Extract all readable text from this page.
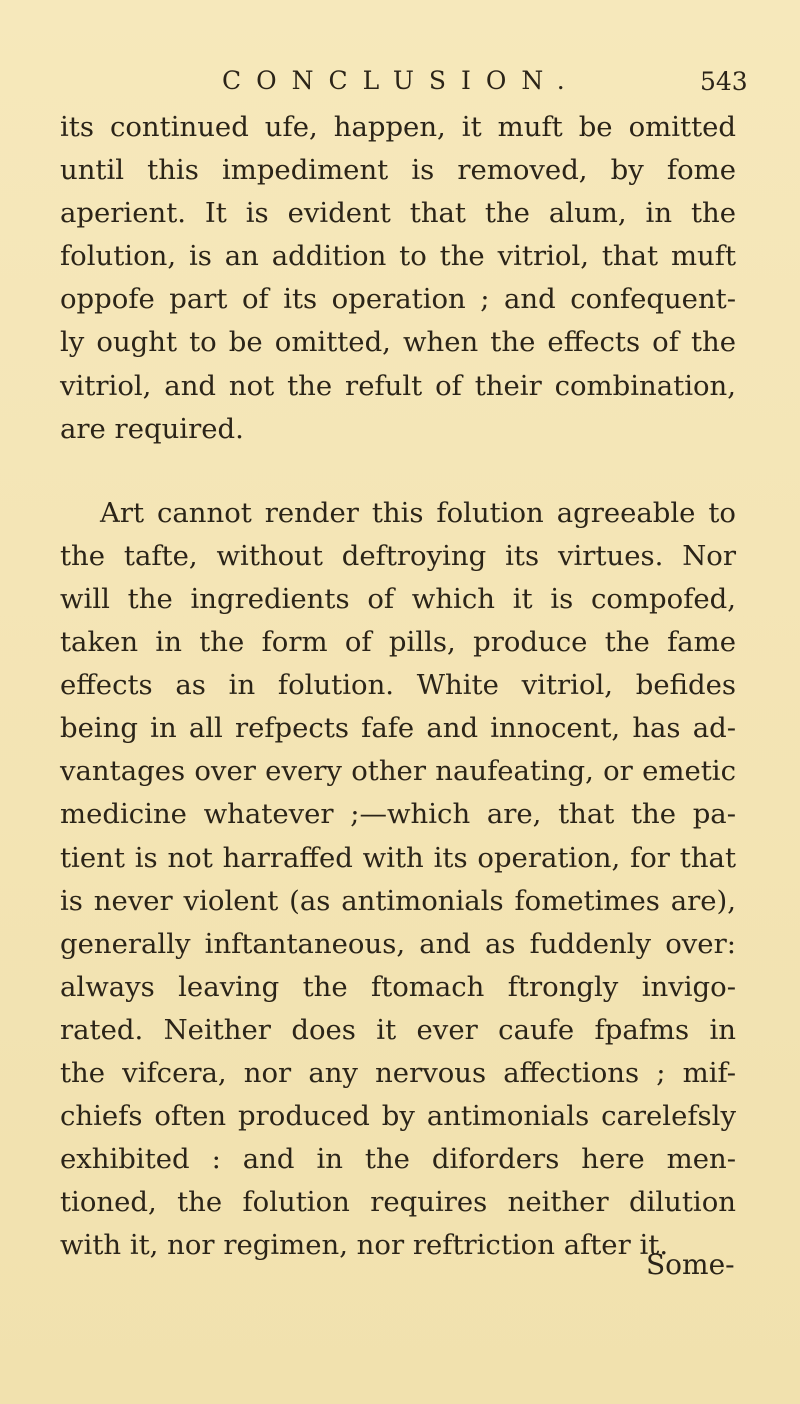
CONCLUSION.	543

its continued ufe, happen, it muft be omitted
until this impediment is removed, by fome
aperient. It is evident that the alum, in the
folution, is an addition to the vitriol, that muft
oppofe part of its operation ; and confequent-
ly ought to be omitted, when the effects of the
vitriol, and not the refult of their combination,
are required.

Art cannot render this folution agreeable to
the tafte, without deftroying its virtues. Nor
will the ingredients of which it is compofed,
taken in the form of pills, produce the fame
effects as in folution. White vitriol, befides
being in all refpects fafe and innocent, has ad-
vantages over every other naufeating, or emetic
medicine whatever ;—which are, that the pa-
tient is not harraffed with its operation, for that
is never violent (as antimonials fometimes are),
generally inftantaneous, and as fuddenly over:
always leaving the ftomach ftrongly invigo-
rated. Neither does it ever caufe fpafms in
the vifcera, nor any nervous affections ; mif-
chiefs often produced by antimonials carelefsly
exhibited : and in the diforders here men-
tioned, the folution requires neither dilution
with it, nor regimen, nor reftriction after it.

Some-
